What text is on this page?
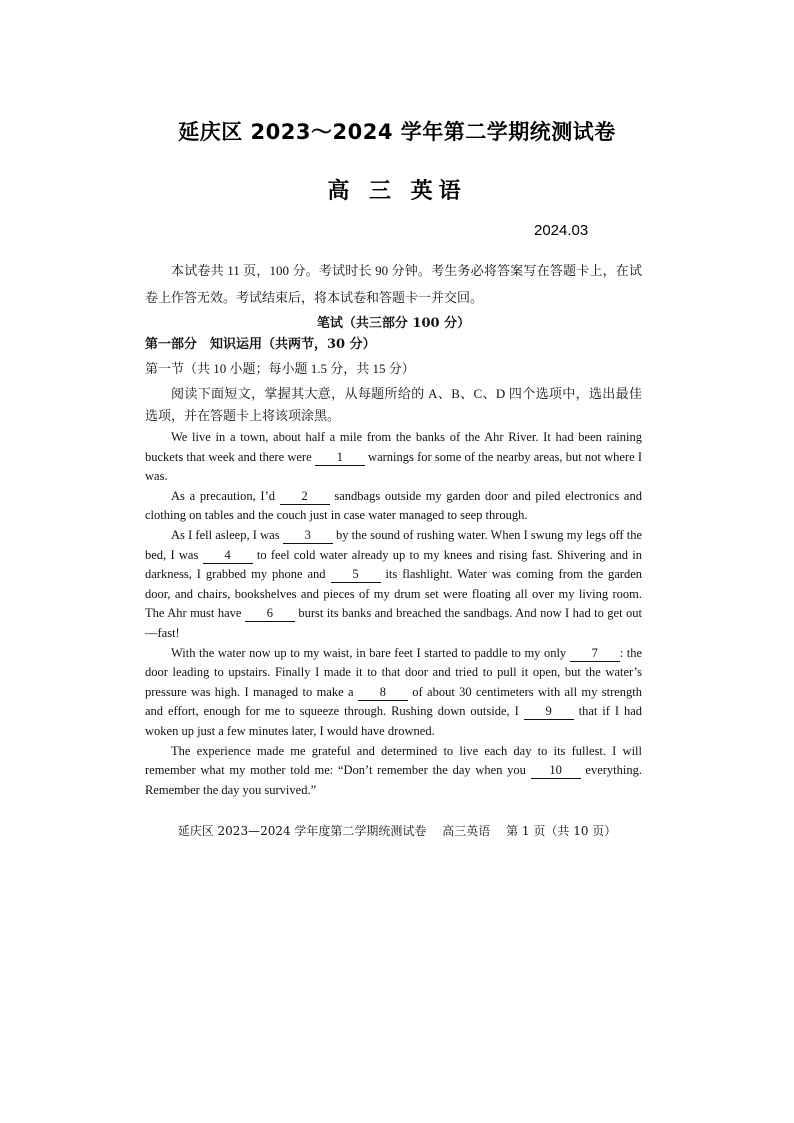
延庆区 2023～2024 学年第二学期统测试卷
高 三 英语
2024.03
本试卷共 11 页，100 分。考试时长 90 分钟。考生务必将答案写在答题卡上，在试卷上作答无效。考试结束后，将本试卷和答题卡一并交回。
笔试（共三部分 100 分）
第一部分　知识运用（共两节，30 分）
第一节（共 10 小题；每小题 1.5 分，共 15 分）
阅读下面短文，掌握其大意，从每题所给的 A、B、C、D 四个选项中，选出最佳选项，并在答题卡上将该项涂黑。

We live in a town, about half a mile from the banks of the Ahr River. It had been raining buckets that week and there were 1 warnings for some of the nearby areas, but not where I was.

As a precaution, I’d 2 sandbags outside my garden door and piled electronics and clothing on tables and the couch just in case water managed to seep through.

As I fell asleep, I was 3 by the sound of rushing water. When I swung my legs off the bed, I was 4 to feel cold water already up to my knees and rising fast. Shivering and in darkness, I grabbed my phone and 5 its flashlight. Water was coming from the garden door, and chairs, bookshelves and pieces of my drum set were floating all over my living room. The Ahr must have 6 burst its banks and breached the sandbags. And now I had to get out—fast!

With the water now up to my waist, in bare feet I started to paddle to my only 7 : the door leading to upstairs. Finally I made it to that door and tried to pull it open, but the water’s pressure was high. I managed to make a 8 of about 30 centimeters with all my strength and effort, enough for me to squeeze through. Rushing down outside, I 9 that if I had woken up just a few minutes later, I would have drowned.

The experience made me grateful and determined to live each day to its fullest. I will remember what my mother told me: “Don’t remember the day when you 10 everything. Remember the day you survived.”

延庆区 2023—2024 学年度第二学期统测试卷 高三英语 第 1 页（共 10 页）
